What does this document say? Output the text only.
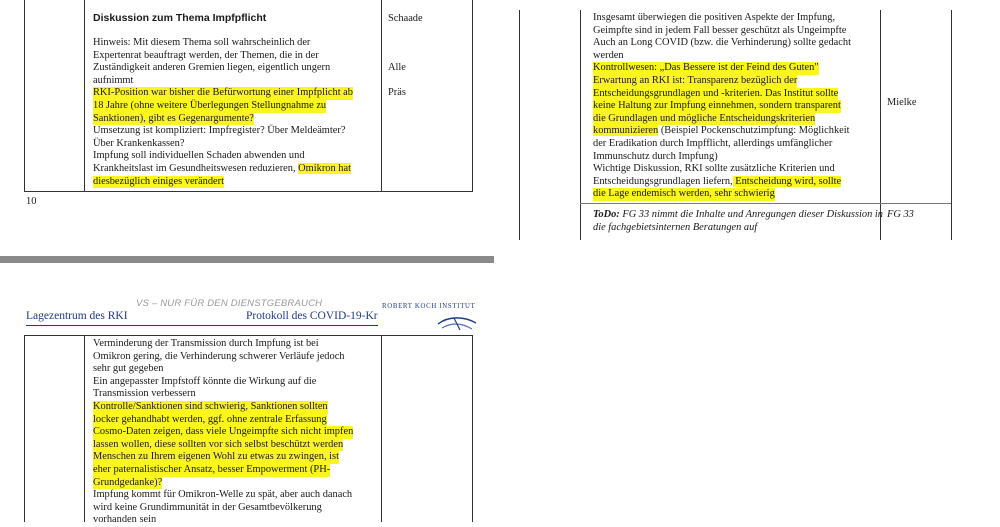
Diskussion zum Thema Impfpflicht	Schaade
Alle
Präs
Hinweis: Mit diesem Thema soll wahrscheinlich der
Expertenrat beauftragt werden, der Themen, die in der
Zuständigkeit anderen Gremien liegen, eigentlich ungern
aufnimmt
RKI-Position war bisher die Befürwortung einer Impfplicht ab
18 Jahre (ohne weitere Überlegungen Stellungnahme zu
Sanktionen), gibt es Gegenargumente?
Umsetzung ist kompliziert: Impfregister? Über Meldeämter?
Über Krankenkassen?
Impfung soll individuellen Schaden abwenden und
Krankheitslast im Gesundheitswesen reduzieren, Omikron hat
diesbezüglich einiges verändert
10
Insgesamt überwiegen die positiven Aspekte der Impfung,
Geimpfte sind in jedem Fall besser geschützt als Ungeimpfte
Auch an Long COVID (bzw. die Verhinderung) sollte gedacht
werden
Kontrollwesen: „Das Bessere ist der Feind des Guten"
Erwartung an RKI ist: Transparenz bezüglich der
Entscheidungsgrundlagen und -kriterien. Das Institut sollte
keine Haltung zur Impfung einnehmen, sondern transparent
die Grundlagen und mögliche Entscheidungskriterien
kommunizieren (Beispiel Pockenschutzimpfung: Möglichkeit
der Eradikation durch Impfflicht, allerdings umfänglicher
Immunschutz durch Impfung)
Wichtige Diskussion, RKI sollte zusätzliche Kriterien und
Entscheidungsgrundlagen liefern, Entscheidung wird, sollte
die Lage endemisch werden, sehr schwierig
Mielke
ToDo: FG 33 nimmt die Inhalte und Anregungen dieser Diskussion in
die fachgebietsinternen Beratungen auf
FG 33
VS – NUR FÜR DEN DIENSTGEBRAUCH
Lagezentrum des RKI	Protokoll des COVID-19-Kr
ROBERT KOCH INSTITUT
Verminderung der Transmission durch Impfung ist bei
Omikron gering, die Verhinderung schwerer Verläufe jedoch
sehr gut gegeben
Ein angepasster Impfstoff könnte die Wirkung auf die
Transmission verbessern
Kontrolle/Sanktionen sind schwierig, Sanktionen sollten
locker gehandhabt werden, ggf. ohne zentrale Erfassung
Cosmo-Daten zeigen, dass viele Ungeimpfte sich nicht impfen
lassen wollen, diese sollten vor sich selbst beschützt werden
Menschen zu Ihrem eigenen Wohl zu etwas zu zwingen, ist
eher paternalistischer Ansatz, besser Empowerment (PH-
Grundgedanke)?
Impfung kommt für Omikron-Welle zu spät, aber auch danach
wird keine Grundimmunität in der Gesamtbevölkerung
vorhanden sein
